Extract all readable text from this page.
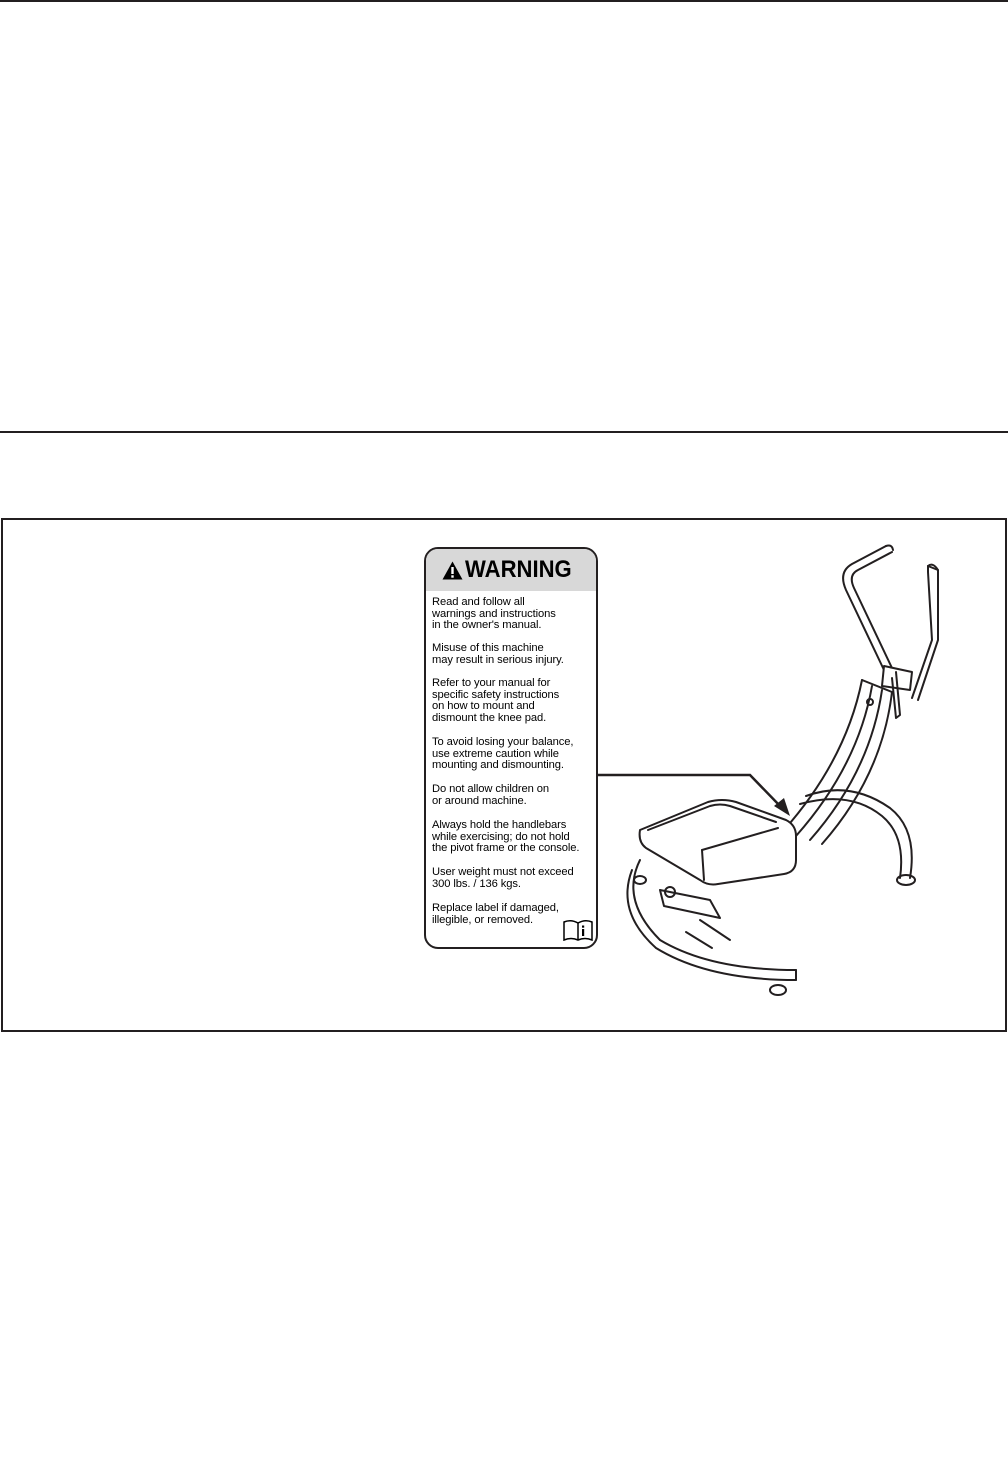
WARNING
Read and follow all
warnings and instructions
in the owner's manual.
Misuse of this machine
may result in serious injury.
Refer to your manual for
specific safety instructions
on how to mount and
dismount the knee pad.
To avoid losing your balance,
use extreme caution while
mounting and dismounting.
Do not allow children on
or around machine.
Always hold the handlebars
while exercising; do not hold
the pivot frame or the console.
User weight must not exceed
300 lbs. / 136 kgs.
Replace label if damaged,
illegible, or removed.
